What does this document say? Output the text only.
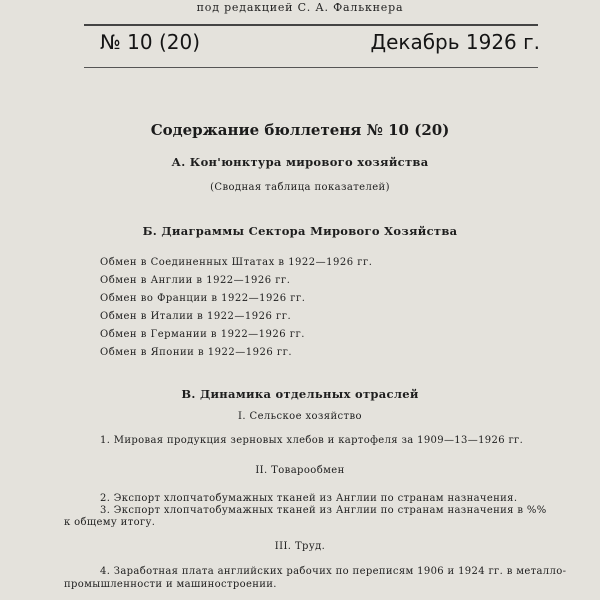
под редакцией С. А. Фалькнера
№ 10 (20)	Декабрь 1926 г.
Содержание бюллетеня № 10 (20)
А. Кон'юнктура мирового хозяйства
(Сводная таблица показателей)
Б. Диаграммы Сектора Мирового Хозяйства
Обмен в Соединенных Штатах в 1922—1926 гг.
Обмен в Англии в 1922—1926 гг.
Обмен во Франции в 1922—1926 гг.
Обмен в Италии в 1922—1926 гг.
Обмен в Германии в 1922—1926 гг.
Обмен в Японии в 1922—1926 гг.
В. Динамика отдельных отраслей
I. Сельское хозяйство
1. Мировая продукция зерновых хлебов и картофеля за 1909—13—1926 гг.
II. Товарообмен
2. Экспорт хлопчатобумажных тканей из Англии по странам назначения.
3. Экспорт хлопчатобумажных тканей из Англии по странам назначения в %%
к общему итогу.
III. Труд.
4. Заработная плата английских рабочих по переписям 1906 и 1924 гг. в металло-
промышленности и машиностроении.
